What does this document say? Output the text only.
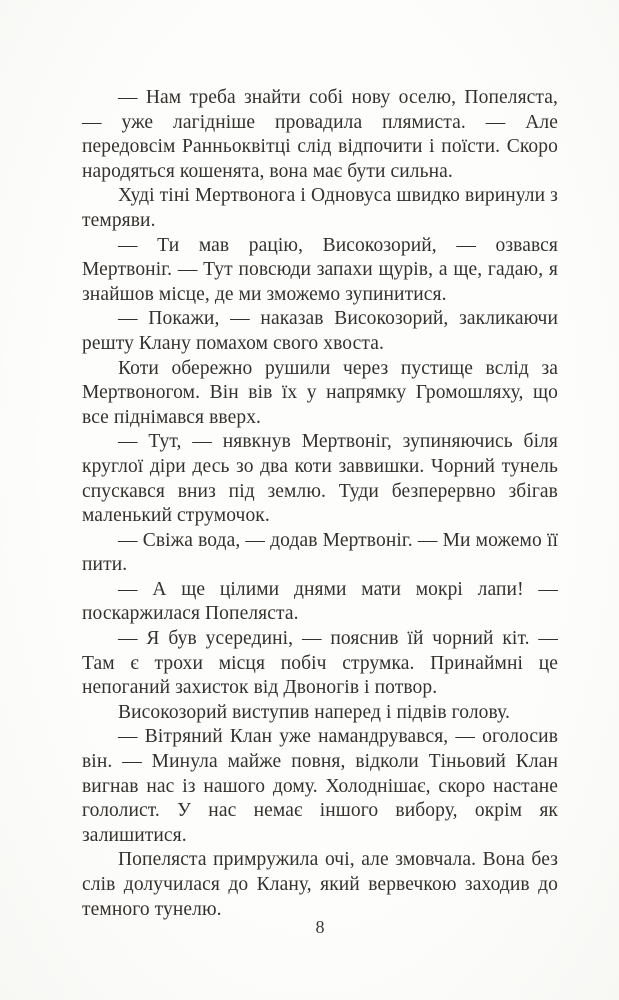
— Нам треба знайти собі нову оселю, Попеляста, — уже лагідніше провадила плямиста. — Але передовсім Ранньоквітці слід відпочити і поїсти. Скоро народяться кошенята, вона має бути сильна.

Худі тіні Мертвонога і Одновуса швидко виринули з темряви.

— Ти мав рацію, Високозорий, — озвався Мертвоніг. — Тут повсюди запахи щурів, а ще, гадаю, я знайшов місце, де ми зможемо зупинитися.

— Покажи, — наказав Високозорий, закликаючи решту Клану помахом свого хвоста.

Коти обережно рушили через пустище вслід за Мертвоногом. Він вів їх у напрямку Громошляху, що все піднімався вверх.

— Тут, — нявкнув Мертвоніг, зупиняючись біля круглої діри десь зо два коти заввишки. Чорний тунель спускався вниз під землю. Туди безперервно збігав маленький струмочок.

— Свіжа вода, — додав Мертвоніг. — Ми можемо її пити.

— А ще цілими днями мати мокрі лапи! — поскаржилася Попеляста.

— Я був усередині, — пояснив їй чорний кіт. — Там є трохи місця побіч струмка. Принаймні це непоганий захисток від Двоногів і потвор.

Високозорий виступив наперед і підвів голову.

— Вітряний Клан уже намандрувався, — оголосив він. — Минула майже повня, відколи Тіньовий Клан вигнав нас із нашого дому. Холоднішає, скоро настане гололист. У нас немає іншого вибору, окрім як залишитися.

Попеляста примружила очі, але змовчала. Вона без слів долучилася до Клану, який вервечкою заходив до темного тунелю.

8
